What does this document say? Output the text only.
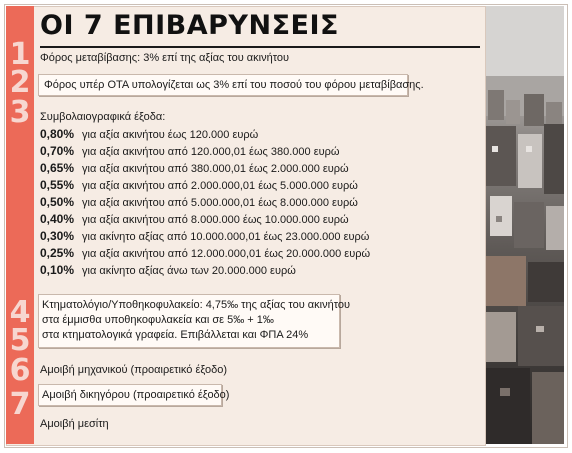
1
2
3
4
5
6
7
ΟΙ 7 ΕΠΙΒΑΡΥΝΣΕΙΣ
Φόρος μεταβίβασης: 3% επί της αξίας του ακινήτου
Φόρος υπέρ ΟΤΑ υπολογίζεται ως 3% επί του ποσού του φόρου μεταβίβασης.
Συμβολαιογραφικά έξοδα:
0,80% για αξία ακινήτου έως 120.000 ευρώ
0,70% για αξία ακινήτου από 120.000,01 έως 380.000 ευρώ
0,65% για αξία ακινήτου από 380.000,01 έως 2.000.000 ευρώ
0,55% για αξία ακινήτου από 2.000.000,01 έως 5.000.000 ευρώ
0,50% για αξία ακινήτου από 5.000.000,01 έως 8.000.000 ευρώ
0,40% για αξία ακινήτου από 8.000.000 έως 10.000.000 ευρώ
0,30% για ακίνητο αξίας από 10.000.000,01 έως 23.000.000 ευρώ
0,25% για αξία ακινήτου από 12.000.000,01 έως 20.000.000 ευρώ
0,10% για ακίνητο αξίας άνω των 20.000.000 ευρώ
Κτηματολόγιο/Υποθηκοφυλακείο: 4,75‰ της αξίας του ακινήτου
στα έμμισθα υποθηκοφυλακεία και σε 5‰ + 1‰
στα κτηματολογικά γραφεία. Επιβάλλεται και ΦΠΑ 24%
Αμοιβή μηχανικού (προαιρετικό έξοδο)
Αμοιβή δικηγόρου (προαιρετικό έξοδο)
Αμοιβή μεσίτη
